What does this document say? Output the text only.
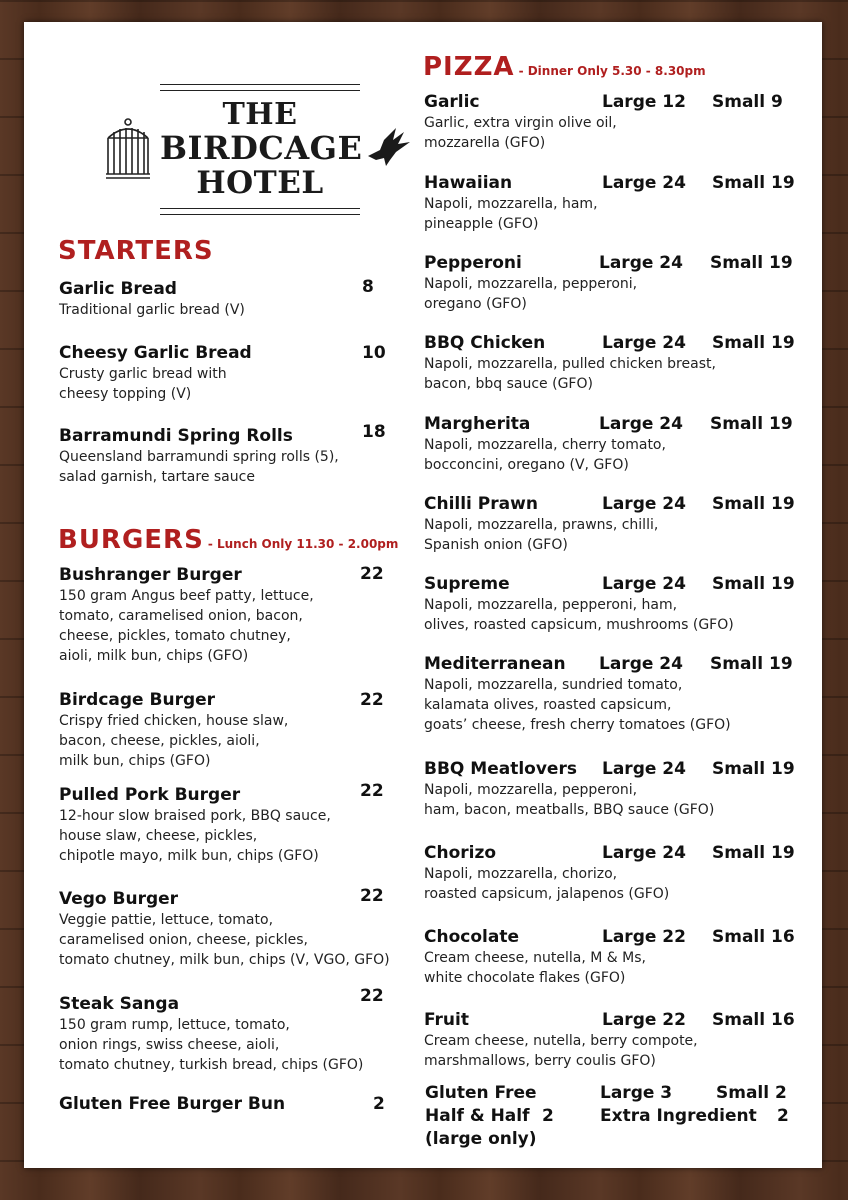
THE
BIRDCAGE
HOTEL
STARTERS
Garlic Bread
Traditional garlic bread (V)
8
Cheesy Garlic Bread
Crusty garlic bread with
cheesy topping (V)
10
Barramundi Spring Rolls
Queensland barramundi spring rolls (5),
salad garnish, tartare sauce
18
BURGERS - Lunch Only 11.30 - 2.00pm
Bushranger Burger
150 gram Angus beef patty, lettuce,
tomato, caramelised onion, bacon,
cheese, pickles, tomato chutney,
aioli, milk bun, chips (GFO)
22
Birdcage Burger
Crispy fried chicken, house slaw,
bacon, cheese, pickles, aioli,
milk bun, chips (GFO)
22
Pulled Pork Burger
12-hour slow braised pork, BBQ sauce,
house slaw, cheese, pickles,
chipotle mayo, milk bun, chips (GFO)
22
Vego Burger
Veggie pattie, lettuce, tomato,
caramelised onion, cheese, pickles,
tomato chutney, milk bun, chips (V, VGO, GFO)
22
Steak Sanga
150 gram rump, lettuce, tomato,
onion rings, swiss cheese, aioli,
tomato chutney, turkish bread, chips (GFO)
22
Gluten Free Burger Bun	2
PIZZA - Dinner Only 5.30 - 8.30pm
Garlic
Garlic, extra virgin olive oil,
mozzarella (GFO)
Large 12 Small 9
Hawaiian
Napoli, mozzarella, ham,
pineapple (GFO)
Large 24 Small 19
Pepperoni
Napoli, mozzarella, pepperoni,
oregano (GFO)
Large 24 Small 19
BBQ Chicken
Napoli, mozzarella, pulled chicken breast,
bacon, bbq sauce (GFO)
Large 24 Small 19
Margherita
Napoli, mozzarella, cherry tomato,
bocconcini, oregano (V, GFO)
Large 24 Small 19
Chilli Prawn
Napoli, mozzarella, prawns, chilli,
Spanish onion (GFO)
Large 24 Small 19
Supreme
Napoli, mozzarella, pepperoni, ham,
olives, roasted capsicum, mushrooms (GFO)
Large 24 Small 19
Mediterranean
Napoli, mozzarella, sundried tomato,
kalamata olives, roasted capsicum,
goats’ cheese, fresh cherry tomatoes (GFO)
Large 24 Small 19
BBQ Meatlovers
Napoli, mozzarella, pepperoni,
ham, bacon, meatballs, BBQ sauce (GFO)
Large 24 Small 19
Chorizo
Napoli, mozzarella, chorizo,
roasted capsicum, jalapenos (GFO)
Large 24 Small 19
Chocolate
Cream cheese, nutella, M & Ms,
white chocolate flakes (GFO)
Large 22 Small 16
Fruit
Cream cheese, nutella, berry compote,
marshmallows, berry coulis GFO)
Large 22 Small 16
Gluten Free	Large 3	Small 2
Half & Half 2	Extra Ingredient 2
(large only)
